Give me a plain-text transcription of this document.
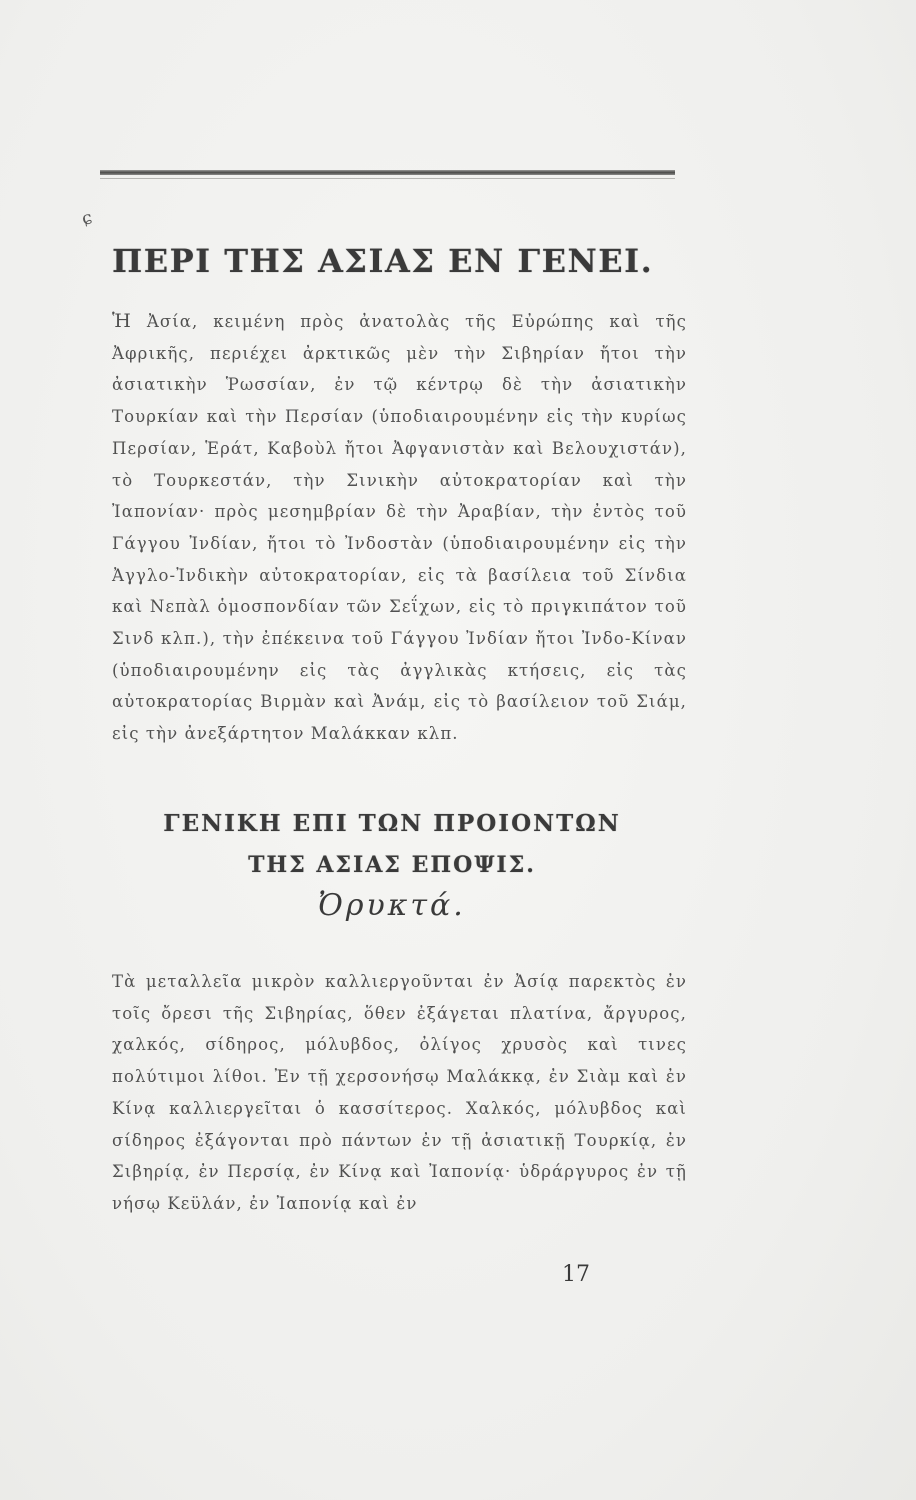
ɕ
ΠΕΡΙ ΤΗΣ ΑΣΙΑΣ ΕΝ ΓΕΝΕΙ.
Ἡ Ἀσία, κειμένη πρὸς ἀνατολὰς τῆς Εὐρώπης καὶ τῆς Ἀφρικῆς, περιέχει ἀρκτικῶς μὲν τὴν Σιβηρίαν ἤτοι τὴν ἀσιατικὴν Ῥωσσίαν, ἐν τῷ κέντρῳ δὲ τὴν ἀσιατικὴν Τουρκίαν καὶ τὴν Περσίαν (ὑποδιαιρουμένην εἰς τὴν κυρίως Περσίαν, Ἑράτ, Καβοὺλ ἤτοι Ἀφγανιστὰν καὶ Βελουχιστάν), τὸ Τουρκεστάν, τὴν Σινικὴν αὐτοκρατορίαν καὶ τὴν Ἰαπονίαν· πρὸς μεσημβρίαν δὲ τὴν Ἀραβίαν, τὴν ἐντὸς τοῦ Γάγγου Ἰνδίαν, ἤτοι τὸ Ἰνδοστὰν (ὑποδιαιρουμένην εἰς τὴν Ἀγγλο-Ἰνδικὴν αὐτοκρατορίαν, εἰς τὰ βασίλεια τοῦ Σίνδια καὶ Νεπὰλ ὁμοσπονδίαν τῶν Σεΐχων, εἰς τὸ πριγκιπάτον τοῦ Σινδ κλπ.), τὴν ἐπέκεινα τοῦ Γάγγου Ἰνδίαν ἤτοι Ἰνδο-Κίναν (ὑποδιαιρουμένην εἰς τὰς ἀγγλικὰς κτήσεις, εἰς τὰς αὐτοκρατορίας Βιρμὰν καὶ Ἀνάμ, εἰς τὸ βασίλειον τοῦ Σιάμ, εἰς τὴν ἀνεξάρτητον Μαλάκκαν κλπ.
ΓΕΝΙΚΗ ΕΠΙ ΤΩΝ ΠΡΟΙΟΝΤΩΝ
ΤΗΣ ΑΣΙΑΣ ΕΠΟΨΙΣ.
Ὀρυκτά.
Τὰ μεταλλεῖα μικρὸν καλλιεργοῦνται ἐν Ἀσίᾳ παρεκτὸς ἐν τοῖς ὄρεσι τῆς Σιβηρίας, ὅθεν ἐξάγεται πλατίνα, ἄργυρος, χαλκός, σίδηρος, μόλυβδος, ὀλίγος χρυσὸς καὶ τινες πολύτιμοι λίθοι. Ἐν τῇ χερσονήσῳ Μαλάκκᾳ, ἐν Σιὰμ καὶ ἐν Κίνᾳ καλλιεργεῖται ὁ κασσίτερος. Χαλκός, μόλυβδος καὶ σίδηρος ἐξάγονται πρὸ πάντων ἐν τῇ ἀσιατικῇ Τουρκίᾳ, ἐν Σιβηρίᾳ, ἐν Περσίᾳ, ἐν Κίνᾳ καὶ Ἰαπονίᾳ· ὑδράργυρος ἐν τῇ νήσῳ Κεϋλάν, ἐν Ἰαπονίᾳ καὶ ἐν
17
